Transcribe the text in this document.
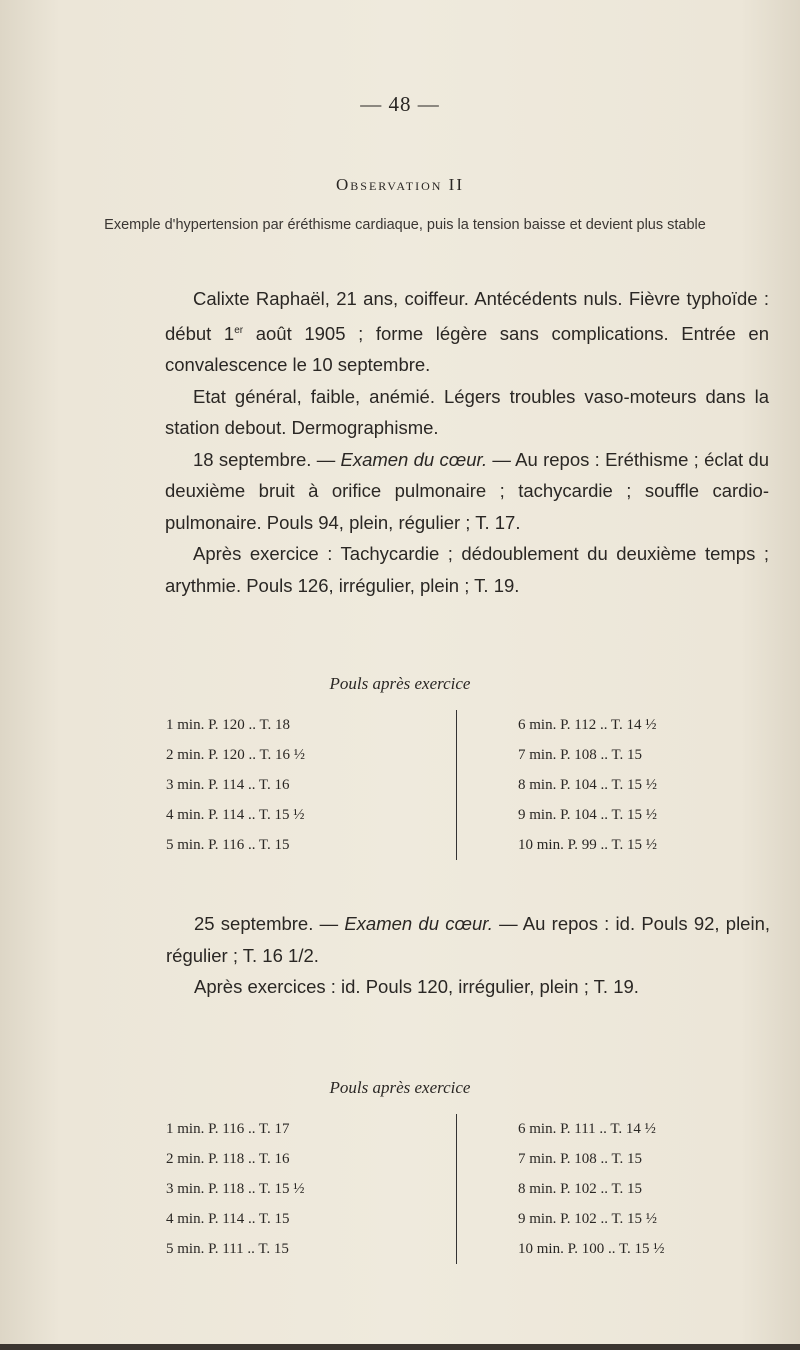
— 48 —
Observation II
Exemple d'hypertension par éréthisme cardiaque, puis la tension baisse et devient plus stable

Calixte Raphaël, 21 ans, coiffeur. Antécédents nuls. Fièvre typhoïde : début 1er août 1905 ; forme légère sans complications. Entrée en convalescence le 10 septembre.

Etat général, faible, anémié. Légers troubles vaso-moteurs dans la station debout. Dermographisme.

18 septembre. — Examen du cœur. — Au repos : Eréthisme ; éclat du deuxième bruit à orifice pulmonaire ; tachycardie ; souffle cardio-pulmonaire. Pouls 94, plein, régulier ; T. 17.

Après exercice : Tachycardie ; dédoublement du deuxième temps ; arythmie. Pouls 126, irrégulier, plein ; T. 19.

Pouls après exercice
1 min. P. 120 .. T. 18
2 min. P. 120 .. T. 16 ½
3 min. P. 114 .. T. 16
4 min. P. 114 .. T. 15 ½
5 min. P. 116 .. T. 15
6 min. P. 112 .. T. 14 ½
7 min. P. 108 .. T. 15
8 min. P. 104 .. T. 15 ½
9 min. P. 104 .. T. 15 ½
10 min. P. 99 .. T. 15 ½

25 septembre. — Examen du cœur. — Au repos : id. Pouls 92, plein, régulier ; T. 16 1/2.

Après exercices : id. Pouls 120, irrégulier, plein ; T. 19.

Pouls après exercice
1 min. P. 116 .. T. 17
2 min. P. 118 .. T. 16
3 min. P. 118 .. T. 15 ½
4 min. P. 114 .. T. 15
5 min. P. 111 .. T. 15
6 min. P. 111 .. T. 14 ½
7 min. P. 108 .. T. 15
8 min. P. 102 .. T. 15
9 min. P. 102 .. T. 15 ½
10 min. P. 100 .. T. 15 ½
